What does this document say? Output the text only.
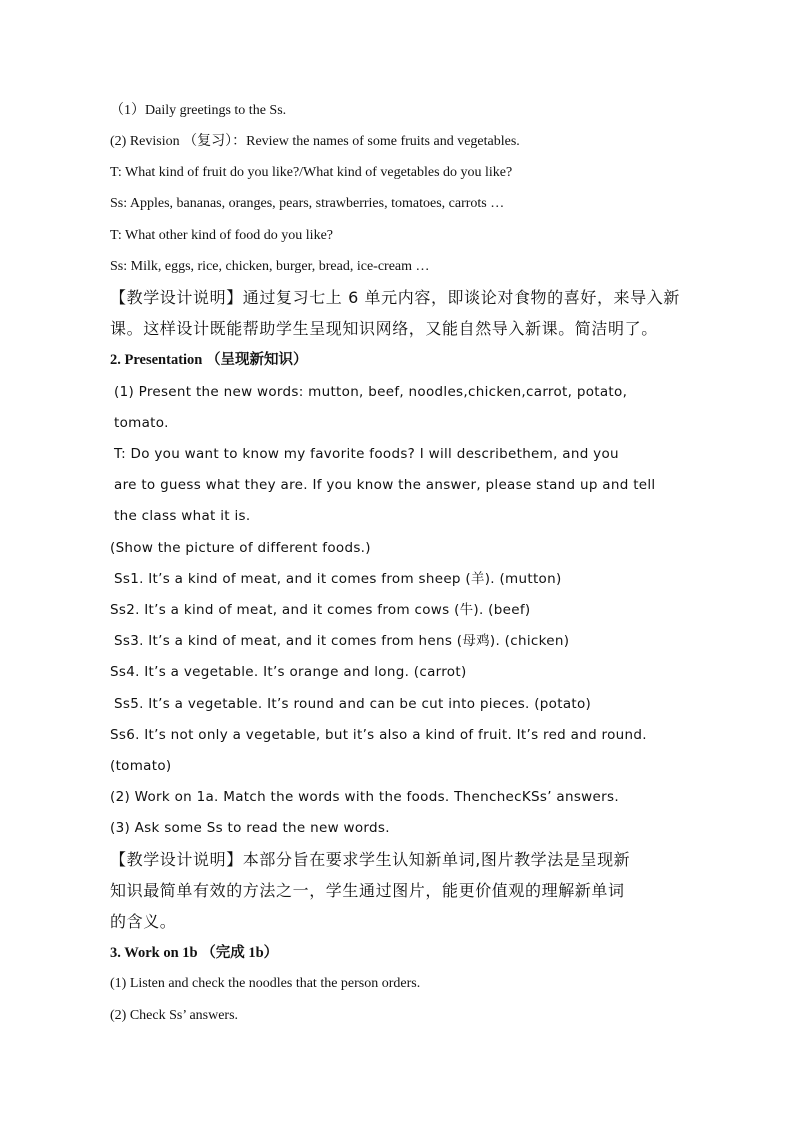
（1）Daily greetings to the Ss.
(2) Revision （复习）：Review the names of some fruits and vegetables.
T: What kind of fruit do you like?/What kind of vegetables do you like?
Ss: Apples, bananas, oranges, pears, strawberries, tomatoes, carrots …
T: What other kind of food do you like?
Ss: Milk, eggs, rice, chicken, burger, bread, ice-cream …
【教学设计说明】通过复习七上 6 单元内容，即谈论对食物的喜好，来导入新
课。这样设计既能帮助学生呈现知识网络，又能自然导入新课。简洁明了。
2. Presentation （呈现新知识）
(1) Present the new words: mutton, beef, noodles,chicken,carrot, potato,
tomato.
T: Do you want to know my favorite foods? I will describethem, and you
are to guess what they are. If you know the answer, please stand up and tell
the class what it is.
(Show the picture of different foods.)
Ss1. It’s a kind of meat, and it comes from sheep (羊). (mutton)
Ss2. It’s a kind of meat, and it comes from cows (牛). (beef)
Ss3. It’s a kind of meat, and it comes from hens (母鸡). (chicken)
Ss4. It’s a vegetable. It’s orange and long. (carrot)
Ss5. It’s a vegetable. It’s round and can be cut into pieces. (potato)
Ss6. It’s not only a vegetable, but it’s also a kind of fruit. It’s red and round.
(tomato)
(2) Work on 1a. Match the words with the foods. ThenchecKSs’ answers.
(3) Ask some Ss to read the new words.
【教学设计说明】本部分旨在要求学生认知新单词,图片教学法是呈现新
知识最简单有效的方法之一，学生通过图片，能更价值观的理解新单词
的含义。
3. Work on 1b （完成 1b）
(1) Listen and check the noodles that the person orders.
(2) Check Ss’ answers.
